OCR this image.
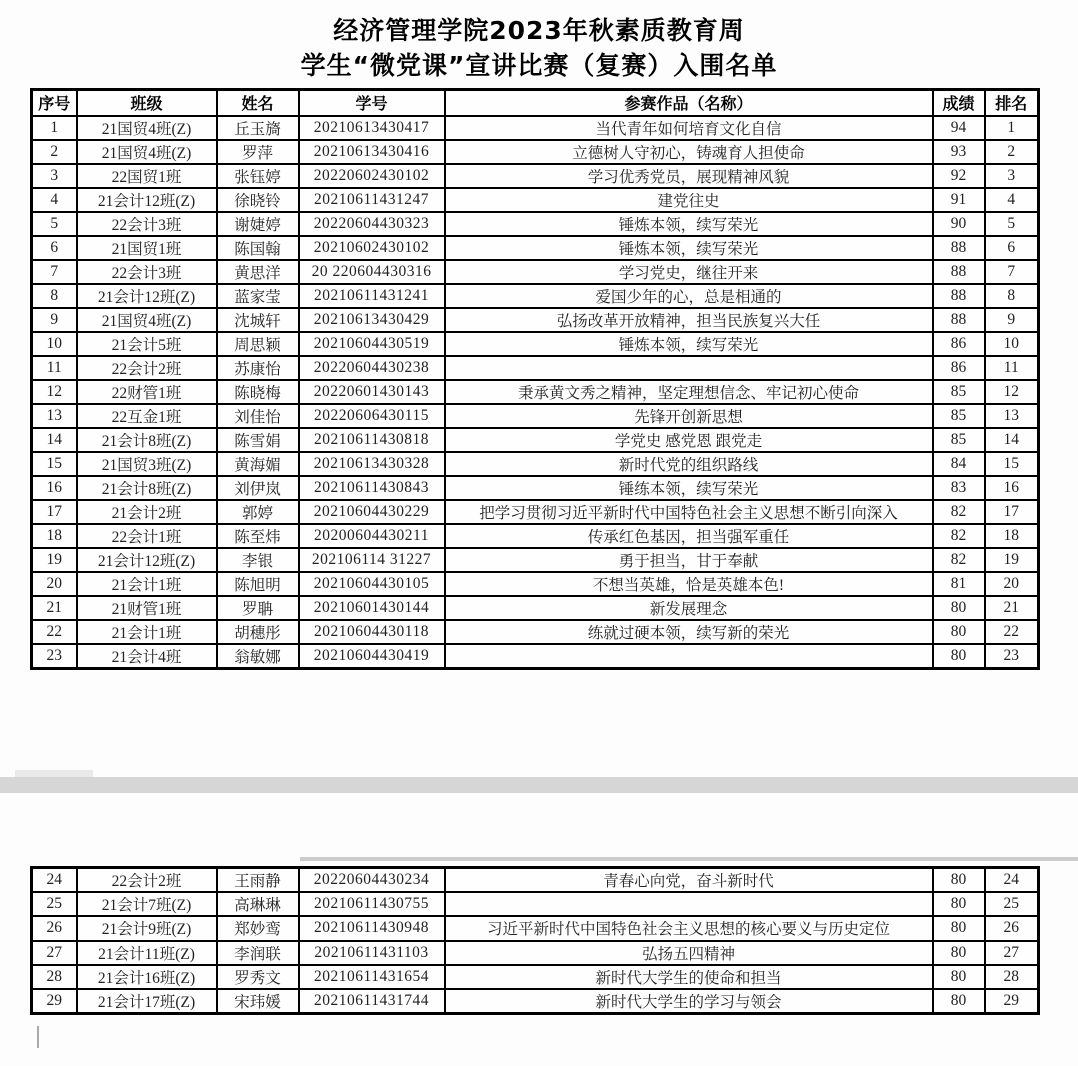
经济管理学院2023年秋素质教育周
学生“微党课”宣讲比赛（复赛）入围名单
序号	班级	姓名	学号	参赛作品（名称）	成绩	排名
1	21国贸4班(Z)	丘玉旖	20210613430417	当代青年如何培育文化自信	94	1
2	21国贸4班(Z)	罗萍	20210613430416	立德树人守初心，铸魂育人担使命	93	2
3	22国贸1班	张钰婷	20220602430102	学习优秀党员，展现精神风貌	92	3
4	21会计12班(Z)	徐晓铃	20210611431247	建党往史	91	4
5	22会计3班	谢婕婷	20220604430323	锤炼本领，续写荣光	90	5
6	21国贸1班	陈国翰	20210602430102	锤炼本领，续写荣光	88	6
7	22会计3班	黄思洋	20 220604430316	学习党史，继往开来	88	7
8	21会计12班(Z)	蓝家莹	20210611431241	爱国少年的心，总是相通的	88	8
9	21国贸4班(Z)	沈城轩	20210613430429	弘扬改革开放精神，担当民族复兴大任	88	9
10	21会计5班	周思颖	20210604430519	锤炼本领，续写荣光	86	10
11	22会计2班	苏康怡	20220604430238		86	11
12	22财管1班	陈晓梅	20220601430143	秉承黄文秀之精神，坚定理想信念、牢记初心使命	85	12
13	22互金1班	刘佳怡	20220606430115	先锋开创新思想	85	13
14	21会计8班(Z)	陈雪娟	20210611430818	学党史 感党恩 跟党走	85	14
15	21国贸3班(Z)	黄海媚	20210613430328	新时代党的组织路线	84	15
16	21会计8班(Z)	刘伊岚	20210611430843	锤练本领，续写荣光	83	16
17	21会计2班	郭婷	20210604430229	把学习贯彻习近平新时代中国特色社会主义思想不断引向深入	82	17
18	22会计1班	陈至炜	20200604430211	传承红色基因，担当强军重任	82	18
19	21会计12班(Z)	李银	202106114 31227	勇于担当，甘于奉献	82	19
20	21会计1班	陈旭明	20210604430105	不想当英雄，恰是英雄本色!	81	20
21	21财管1班	罗聃	20210601430144	新发展理念	80	21
22	21会计1班	胡穗彤	20210604430118	练就过硬本领，续写新的荣光	80	22
23	21会计4班	翁敏娜	20210604430419		80	23
24	22会计2班	王雨静	20220604430234	青春心向党，奋斗新时代	80	24
25	21会计7班(Z)	高琳琳	20210611430755		80	25
26	21会计9班(Z)	郑妙鸾	20210611430948	习近平新时代中国特色社会主义思想的核心要义与历史定位	80	26
27	21会计11班(Z)	李润联	20210611431103	弘扬五四精神	80	27
28	21会计16班(Z)	罗秀文	20210611431654	新时代大学生的使命和担当	80	28
29	21会计17班(Z)	宋玮媛	20210611431744	新时代大学生的学习与领会	80	29
